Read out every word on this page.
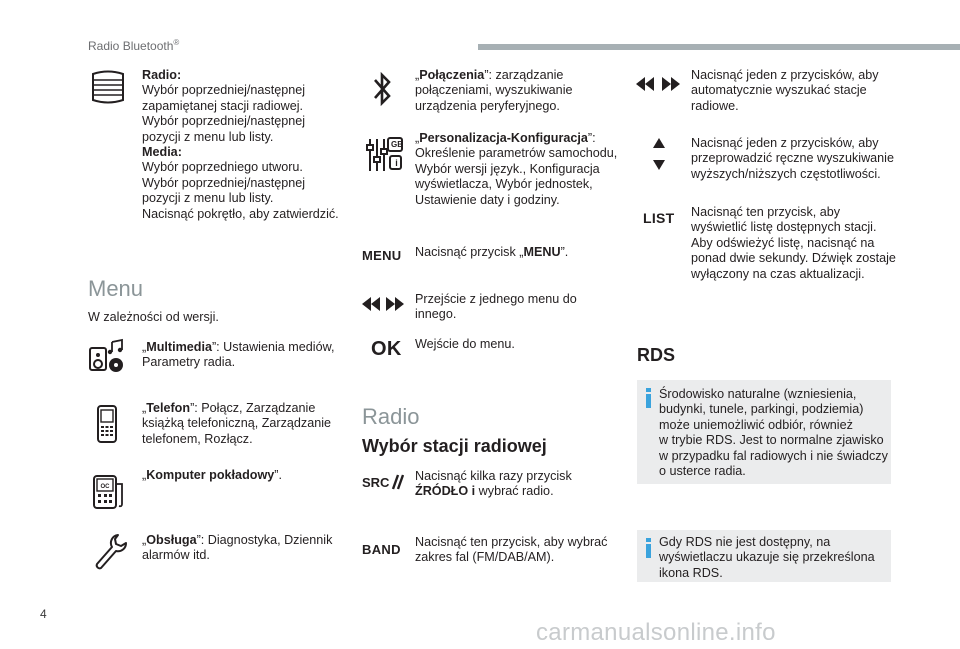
Radio Bluetooth®
Radio:
Wybór poprzedniej/następnej
zapamiętanej stacji radiowej.
Wybór poprzedniej/następnej
pozycji z menu lub listy.
Media:
Wybór poprzedniego utworu.
Wybór poprzedniej/następnej
pozycji z menu lub listy.
Nacisnąć pokrętło, aby zatwierdzić.
Menu
W zależności od wersji.
„Multimedia”: Ustawienia mediów,
Parametry radia.
„Telefon”: Połącz, Zarządzanie
książką telefoniczną, Zarządzanie
telefonem, Rozłącz.
OC
„Komputer pokładowy”.
„Obsługa”: Diagnostyka, Dziennik
alarmów itd.
„Połączenia”: zarządzanie
połączeniami, wyszukiwanie
urządzenia peryferyjnego.
GB
i
„Personalizacja-Konfiguracja”:
Określenie parametrów samochodu,
Wybór wersji język., Konfiguracja
wyświetlacza, Wybór jednostek,
Ustawienie daty i godziny.
MENU Nacisnąć przycisk „MENU”.
Przejście z jednego menu do
innego.
OK Wejście do menu.
Radio
Wybór stacji radiowej
SRC Nacisnąć kilka razy przycisk
ŹRÓDŁO i wybrać radio.
BAND Nacisnąć ten przycisk, aby wybrać
zakres fal (FM/DAB/AM).
Nacisnąć jeden z przycisków, aby
automatycznie wyszukać stacje
radiowe.
Nacisnąć jeden z przycisków, aby
przeprowadzić ręczne wyszukiwanie
wyższych/niższych częstotliwości.
LIST Nacisnąć ten przycisk, aby
wyświetlić listę dostępnych stacji.
Aby odświeżyć listę, nacisnąć na
ponad dwie sekundy. Dźwięk zostaje
wyłączony na czas aktualizacji.
RDS
Środowisko naturalne (wzniesienia,
budynki, tunele, parkingi, podziemia)
może uniemożliwić odbiór, również
w trybie RDS. Jest to normalne zjawisko
w przypadku fal radiowych i nie świadczy
o usterce radia.
Gdy RDS nie jest dostępny, na
wyświetlaczu ukazuje się przekreślona
ikona RDS.
4
carmanualsonline.info
